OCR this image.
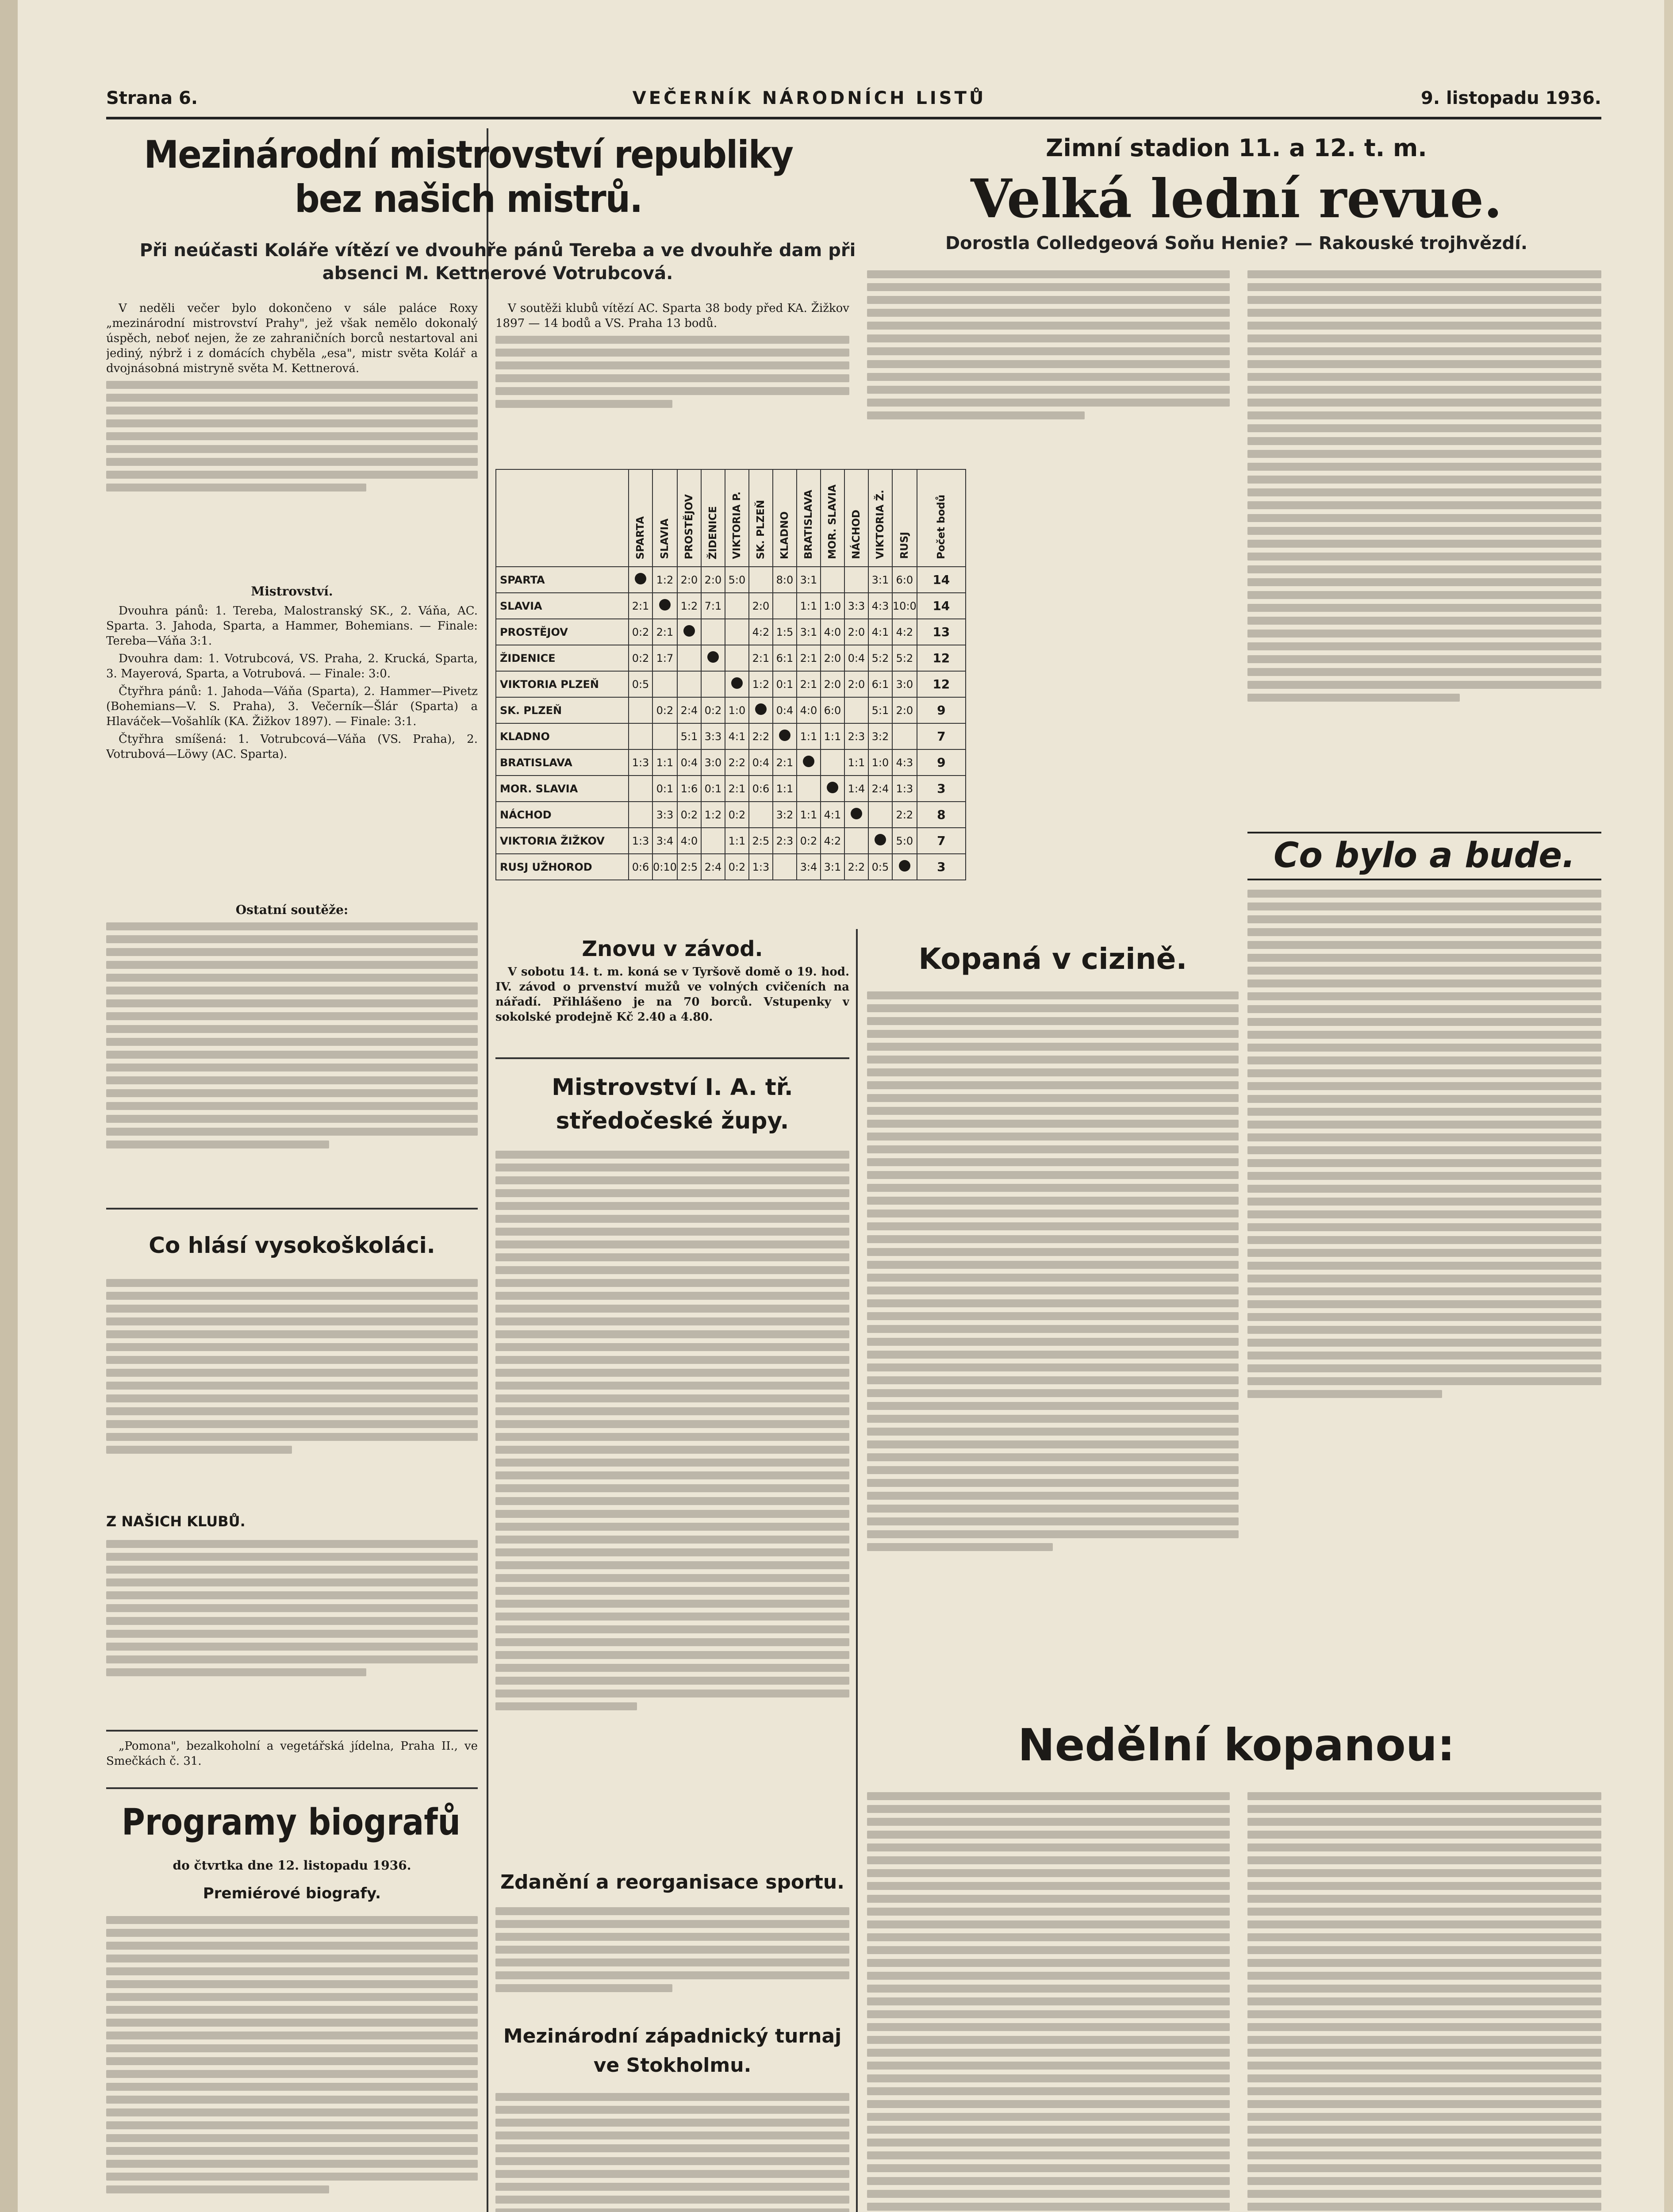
Strana 6.	VEČERNÍK NÁRODNÍCH LISTŮ	9. listopadu 1936.
Mezinárodní mistrovství republiky bez našich mistrů.
Při neúčasti Koláře vítězí ve dvouhře pánů Tereba a ve dvouhře dam při absenci M. Kettnerové Votrubcová.

V neděli večer bylo dokončeno v sále paláce Roxy „mezinárodní mistrovství Prahy", jež však nemělo dokonalý úspěch, neboť nejen, že ze zahraničních borců nestartoval ani jediný, nýbrž i z domácích chyběla „esa", mistr světa Kolář a dvojnásobná mistryně světa M. Kettnerová.

Mistrovství.

Dvouhra pánů: 1. Tereba, Malostranský SK., 2. Váňa, AC. Sparta. 3. Jahoda, Sparta, a Hammer, Bohemians. — Finale: Tereba—Váňa 3:1.

Dvouhra dam: 1. Votrubcová, VS. Praha, 2. Krucká, Sparta, 3. Mayerová, Sparta, a Votrubová. — Finale: 3:0.

Čtyřhra pánů: 1. Jahoda—Váňa (Sparta), 2. Hammer—Pivetz (Bohemians—V. S. Praha), 3. Večerník—Šlár (Sparta) a Hlaváček—Vošahlík (KA. Žižkov 1897). — Finale: 3:1.

Čtyřhra smíšená: 1. Votrubcová—Váňa (VS. Praha), 2. Votrubová—Löwy (AC. Sparta).

Ostatní soutěže:
Co hlásí vysokoškoláci.
Z NAŠICH KLUBŮ.

„Pomona", bezalkoholní a vegetářská jídelna, Praha II., ve Smečkách č. 31.

Programy biografů
do čtvrtka dne 12. listopadu 1936.
Premiérové biografy.

V soutěži klubů vítězí AC. Sparta 38 body před KA. Žižkov 1897 — 14 bodů a VS. Praha 13 bodů.

Zimní stadion 11. a 12. t. m.
Velká lední revue.
Dorostla Colledgeová Soňu Henie? — Rakouské trojhvězdí.
	SPARTA	SLAVIA	PROSTĚJOV	ŽIDENICE	VIKTORIA P.	SK. PLZEŇ	KLADNO	BRATISLAVA	MOR. SLAVIA	NÁCHOD	VIKTORIA Ž.	RUSJ	Počet bodů
SPARTA		1:2	2:0	2:0	5:0		8:0	3:1			3:1	6:0	14
SLAVIA	2:1		1:2	7:1		2:0		1:1	1:0	3:3	4:3	10:0	14
PROSTĚJOV	0:2	2:1				4:2	1:5	3:1	4:0	2:0	4:1	4:2	13
ŽIDENICE	0:2	1:7				2:1	6:1	2:1	2:0	0:4	5:2	5:2	12
VIKTORIA PLZEŇ	0:5					1:2	0:1	2:1	2:0	2:0	6:1	3:0	12
SK. PLZEŇ		0:2	2:4	0:2	1:0		0:4	4:0	6:0		5:1	2:0	9
KLADNO			5:1	3:3	4:1	2:2		1:1	1:1	2:3	3:2		7
BRATISLAVA	1:3	1:1	0:4	3:0	2:2	0:4	2:1			1:1	1:0	4:3	9
MOR. SLAVIA		0:1	1:6	0:1	2:1	0:6	1:1			1:4	2:4	1:3	3
NÁCHOD		3:3	0:2	1:2	0:2		3:2	1:1	4:1			2:2	8
VIKTORIA ŽIŽKOV	1:3	3:4	4:0		1:1	2:5	2:3	0:2	4:2			5:0	7
RUSJ UŽHOROD	0:6	0:10	2:5	2:4	0:2	1:3		3:4	3:1	2:2	0:5		3	Co bylo a bude.
Znovu v závod.

V sobotu 14. t. m. koná se v Tyršově domě o 19. hod. IV. závod o prvenství mužů ve volných cvičeních na nářadí. Přihlášeno je na 70 borců. Vstupenky v sokolské prodejně Kč 2.40 a 4.80.

Mistrovství I. A. tř. středočeské župy.
Zdanění a reorganisace sportu.
Mezinárodní západnický turnaj ve Stokholmu.
Kopaná v cizině.
Nedělní kopanou:
